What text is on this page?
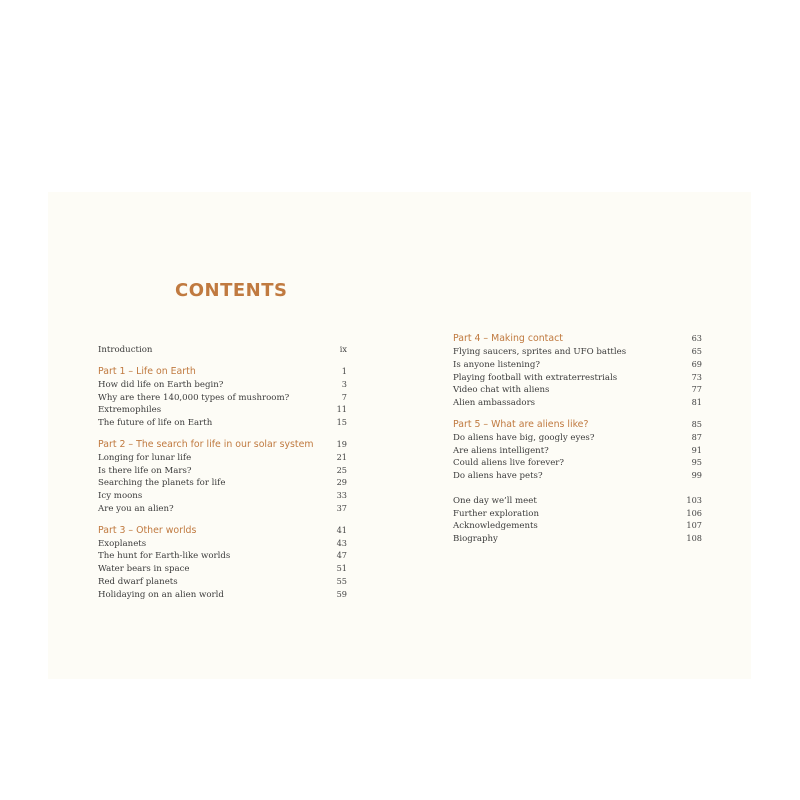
CONTENTS
Introduction	ix
Part 1 – Life on Earth	1
How did life on Earth begin?	3
Why are there 140,000 types of mushroom?	7
Extremophiles	11
The future of life on Earth	15
Part 2 – The search for life in our solar system	19
Longing for lunar life	21
Is there life on Mars?	25
Searching the planets for life	29
Icy moons	33
Are you an alien?	37
Part 3 – Other worlds	41
Exoplanets	43
The hunt for Earth-like worlds	47
Water bears in space	51
Red dwarf planets	55
Holidaying on an alien world	59
Part 4 – Making contact	63
Flying saucers, sprites and UFO battles	65
Is anyone listening?	69
Playing football with extraterrestrials	73
Video chat with aliens	77
Alien ambassadors	81
Part 5 – What are aliens like?	85
Do aliens have big, googly eyes?	87
Are aliens intelligent?	91
Could aliens live forever?	95
Do aliens have pets?	99
One day we’ll meet	103
Further exploration	106
Acknowledgements	107
Biography	108
